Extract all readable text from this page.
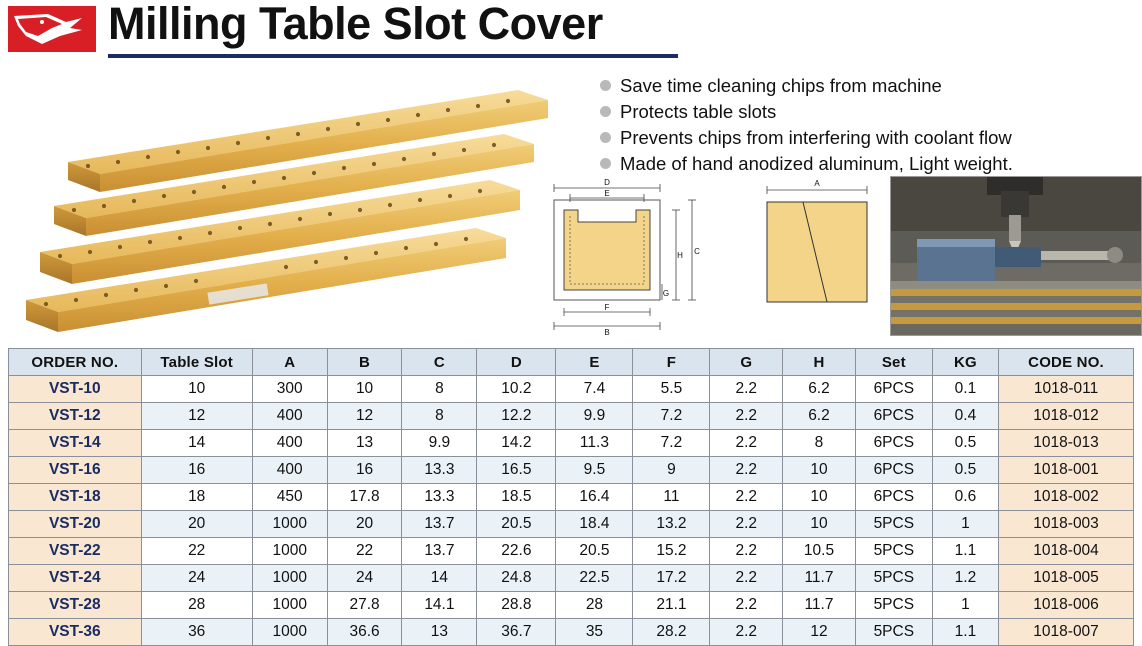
Milling Table Slot Cover
Save time cleaning chips from machine
Protects table slots
Prevents chips from interfering with coolant flow
Made of hand anodized aluminum, Light weight.
D
E
H C
G
F
B
A
ORDER NO.	Table Slot	A	B	C	D	E	F	G	H	Set	KG	CODE NO.
VST-10	10	300	10	8	10.2	7.4	5.5	2.2	6.2	6PCS	0.1	1018-011
VST-12	12	400	12	8	12.2	9.9	7.2	2.2	6.2	6PCS	0.4	1018-012
VST-14	14	400	13	9.9	14.2	11.3	7.2	2.2	8	6PCS	0.5	1018-013
VST-16	16	400	16	13.3	16.5	9.5	9	2.2	10	6PCS	0.5	1018-001
VST-18	18	450	17.8	13.3	18.5	16.4	11	2.2	10	6PCS	0.6	1018-002
VST-20	20	1000	20	13.7	20.5	18.4	13.2	2.2	10	5PCS	1	1018-003
VST-22	22	1000	22	13.7	22.6	20.5	15.2	2.2	10.5	5PCS	1.1	1018-004
VST-24	24	1000	24	14	24.8	22.5	17.2	2.2	11.7	5PCS	1.2	1018-005
VST-28	28	1000	27.8	14.1	28.8	28	21.1	2.2	11.7	5PCS	1	1018-006
VST-36	36	1000	36.6	13	36.7	35	28.2	2.2	12	5PCS	1.1	1018-007
